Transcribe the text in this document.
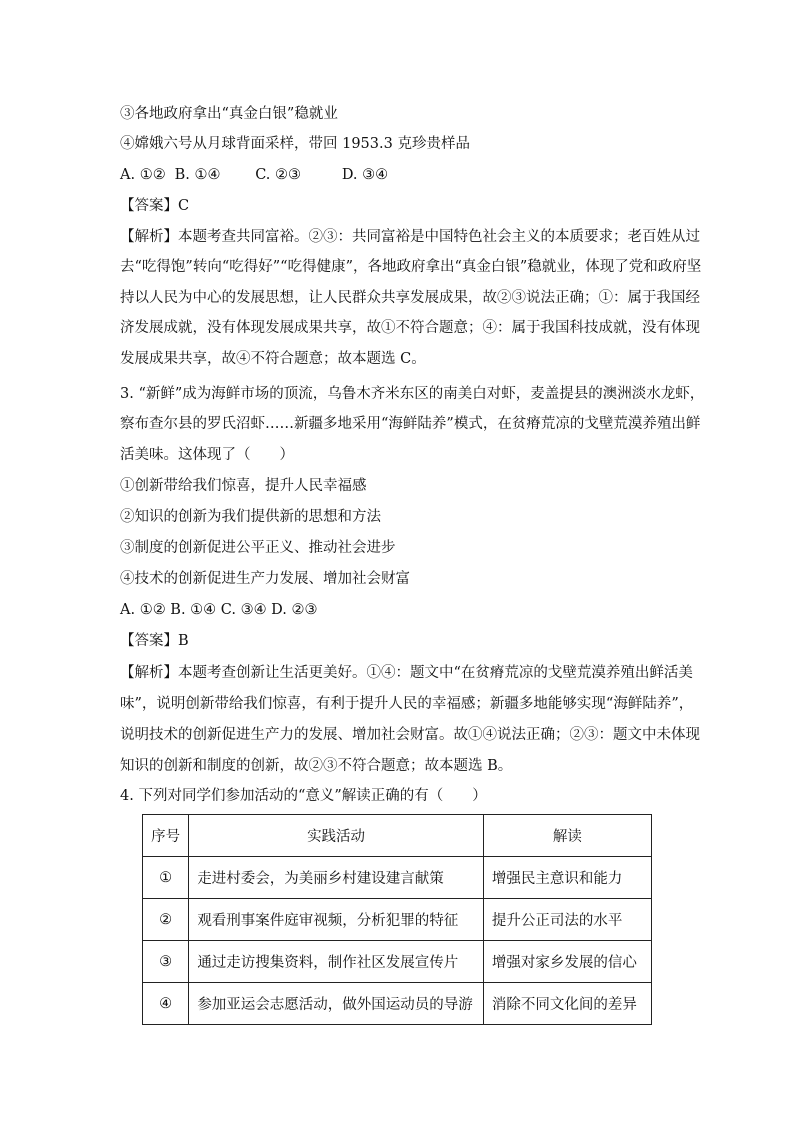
③各地政府拿出“真金白银”稳就业
④嫦娥六号从月球背面采样，带回 1953.3 克珍贵样品
A. ①② B. ①④ C. ②③	D. ③④
【答案】C
【解析】本题考查共同富裕。②③：共同富裕是中国特色社会主义的本质要求；老百姓从过
去“吃得饱”转向“吃得好”“吃得健康”，各地政府拿出“真金白银”稳就业，体现了党和政府坚
持以人民为中心的发展思想，让人民群众共享发展成果，故②③说法正确；①：属于我国经
济发展成就，没有体现发展成果共享，故①不符合题意；④：属于我国科技成就，没有体现
发展成果共享，故④不符合题意；故本题选 C。
3. “新鲜”成为海鲜市场的顶流，乌鲁木齐米东区的南美白对虾，麦盖提县的澳洲淡水龙虾，
察布查尔县的罗氏沼虾……新疆多地采用“海鲜陆养”模式，在贫瘠荒凉的戈壁荒漠养殖出鲜
活美味。这体现了（　　）
①创新带给我们惊喜，提升人民幸福感
②知识的创新为我们提供新的思想和方法
③制度的创新促进公平正义、推动社会进步
④技术的创新促进生产力发展、增加社会财富
A. ①② B. ①④ C. ③④ D. ②③
【答案】B
【解析】本题考查创新让生活更美好。①④：题文中“在贫瘠荒凉的戈壁荒漠养殖出鲜活美
味”，说明创新带给我们惊喜，有利于提升人民的幸福感；新疆多地能够实现“海鲜陆养”，
说明技术的创新促进生产力的发展、增加社会财富。故①④说法正确；②③：题文中未体现
知识的创新和制度的创新，故②③不符合题意；故本题选 B。
4. 下列对同学们参加活动的“意义”解读正确的有（　　）
序号	实践活动	解读
①	走进村委会，为美丽乡村建设建言献策	增强民主意识和能力
②	观看刑事案件庭审视频，分析犯罪的特征	提升公正司法的水平
③	通过走访搜集资料，制作社区发展宣传片	增强对家乡发展的信心
④	参加亚运会志愿活动，做外国运动员的导游	消除不同文化间的差异
